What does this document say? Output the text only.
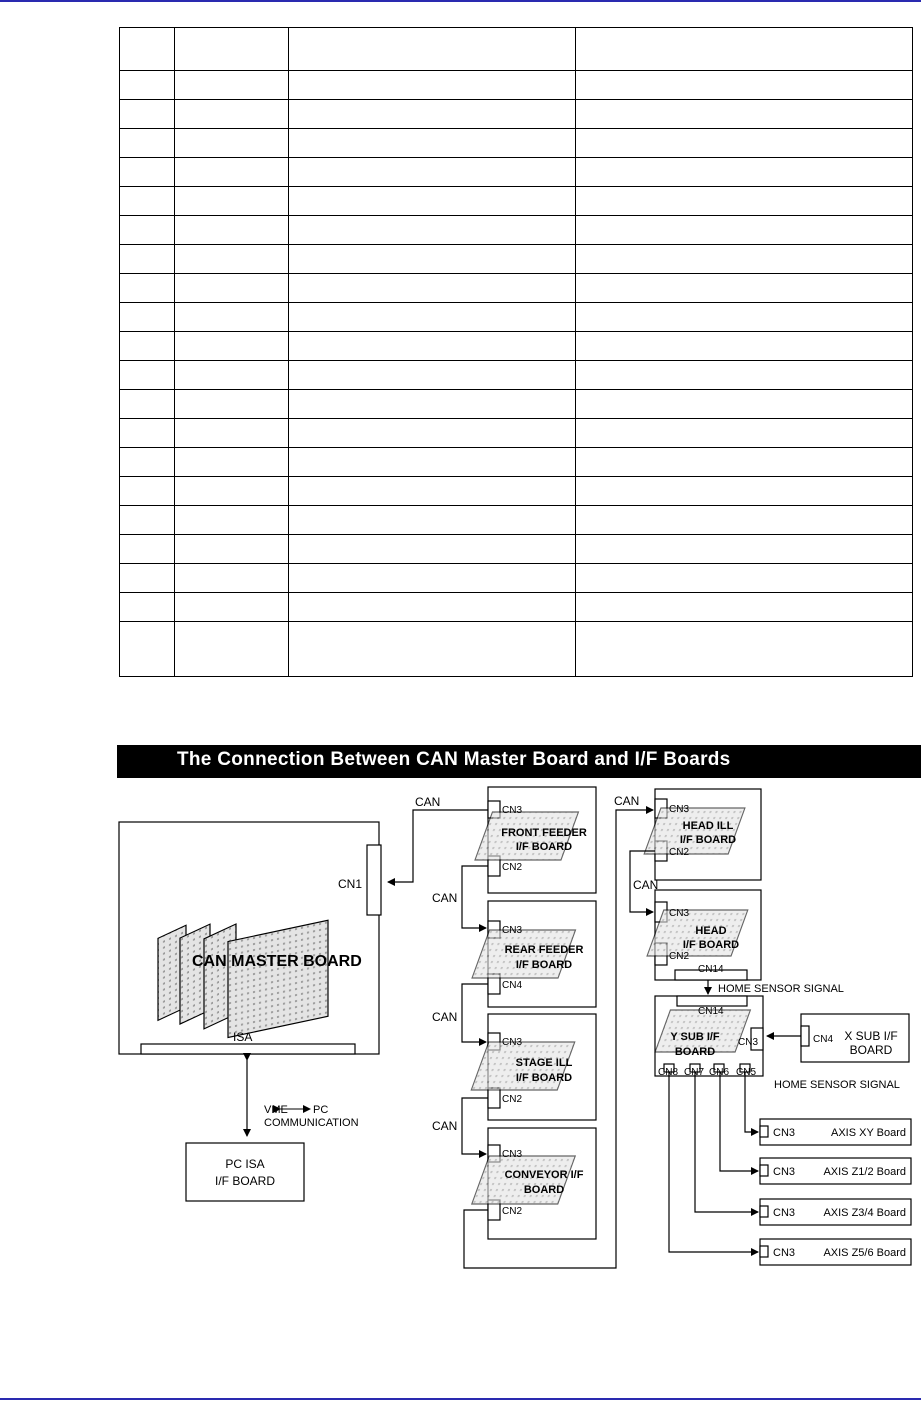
The Connection Between CAN Master Board and I/F Boards
CAN MASTER BOARD
CN1
ISA
PC ISA
I/F BOARD
VME PC
COMMUNICATION
CAN
CAN
CAN
CAN
CAN
CAN
CN3
CN2
CN3
CN4
CN3
CN2
CN3
CN2
CN3
CN2
CN3
CN2
CN14
CN14
CN3
CN8 CN7 CN6 CN5
CN4
FRONT FEEDER
I/F BOARD
REAR FEEDER
I/F BOARD
STAGE ILL
I/F BOARD
CONVEYOR I/F
BOARD
HEAD ILL
I/F BOARD
HEAD
I/F BOARD
Y SUB I/F
BOARD
X SUB I/F
BOARD
HOME SENSOR SIGNAL
HOME SENSOR SIGNAL
CN3	AXIS XY Board
CN3	AXIS Z1/2 Board
CN3	AXIS Z3/4 Board
CN3	AXIS Z5/6 Board
